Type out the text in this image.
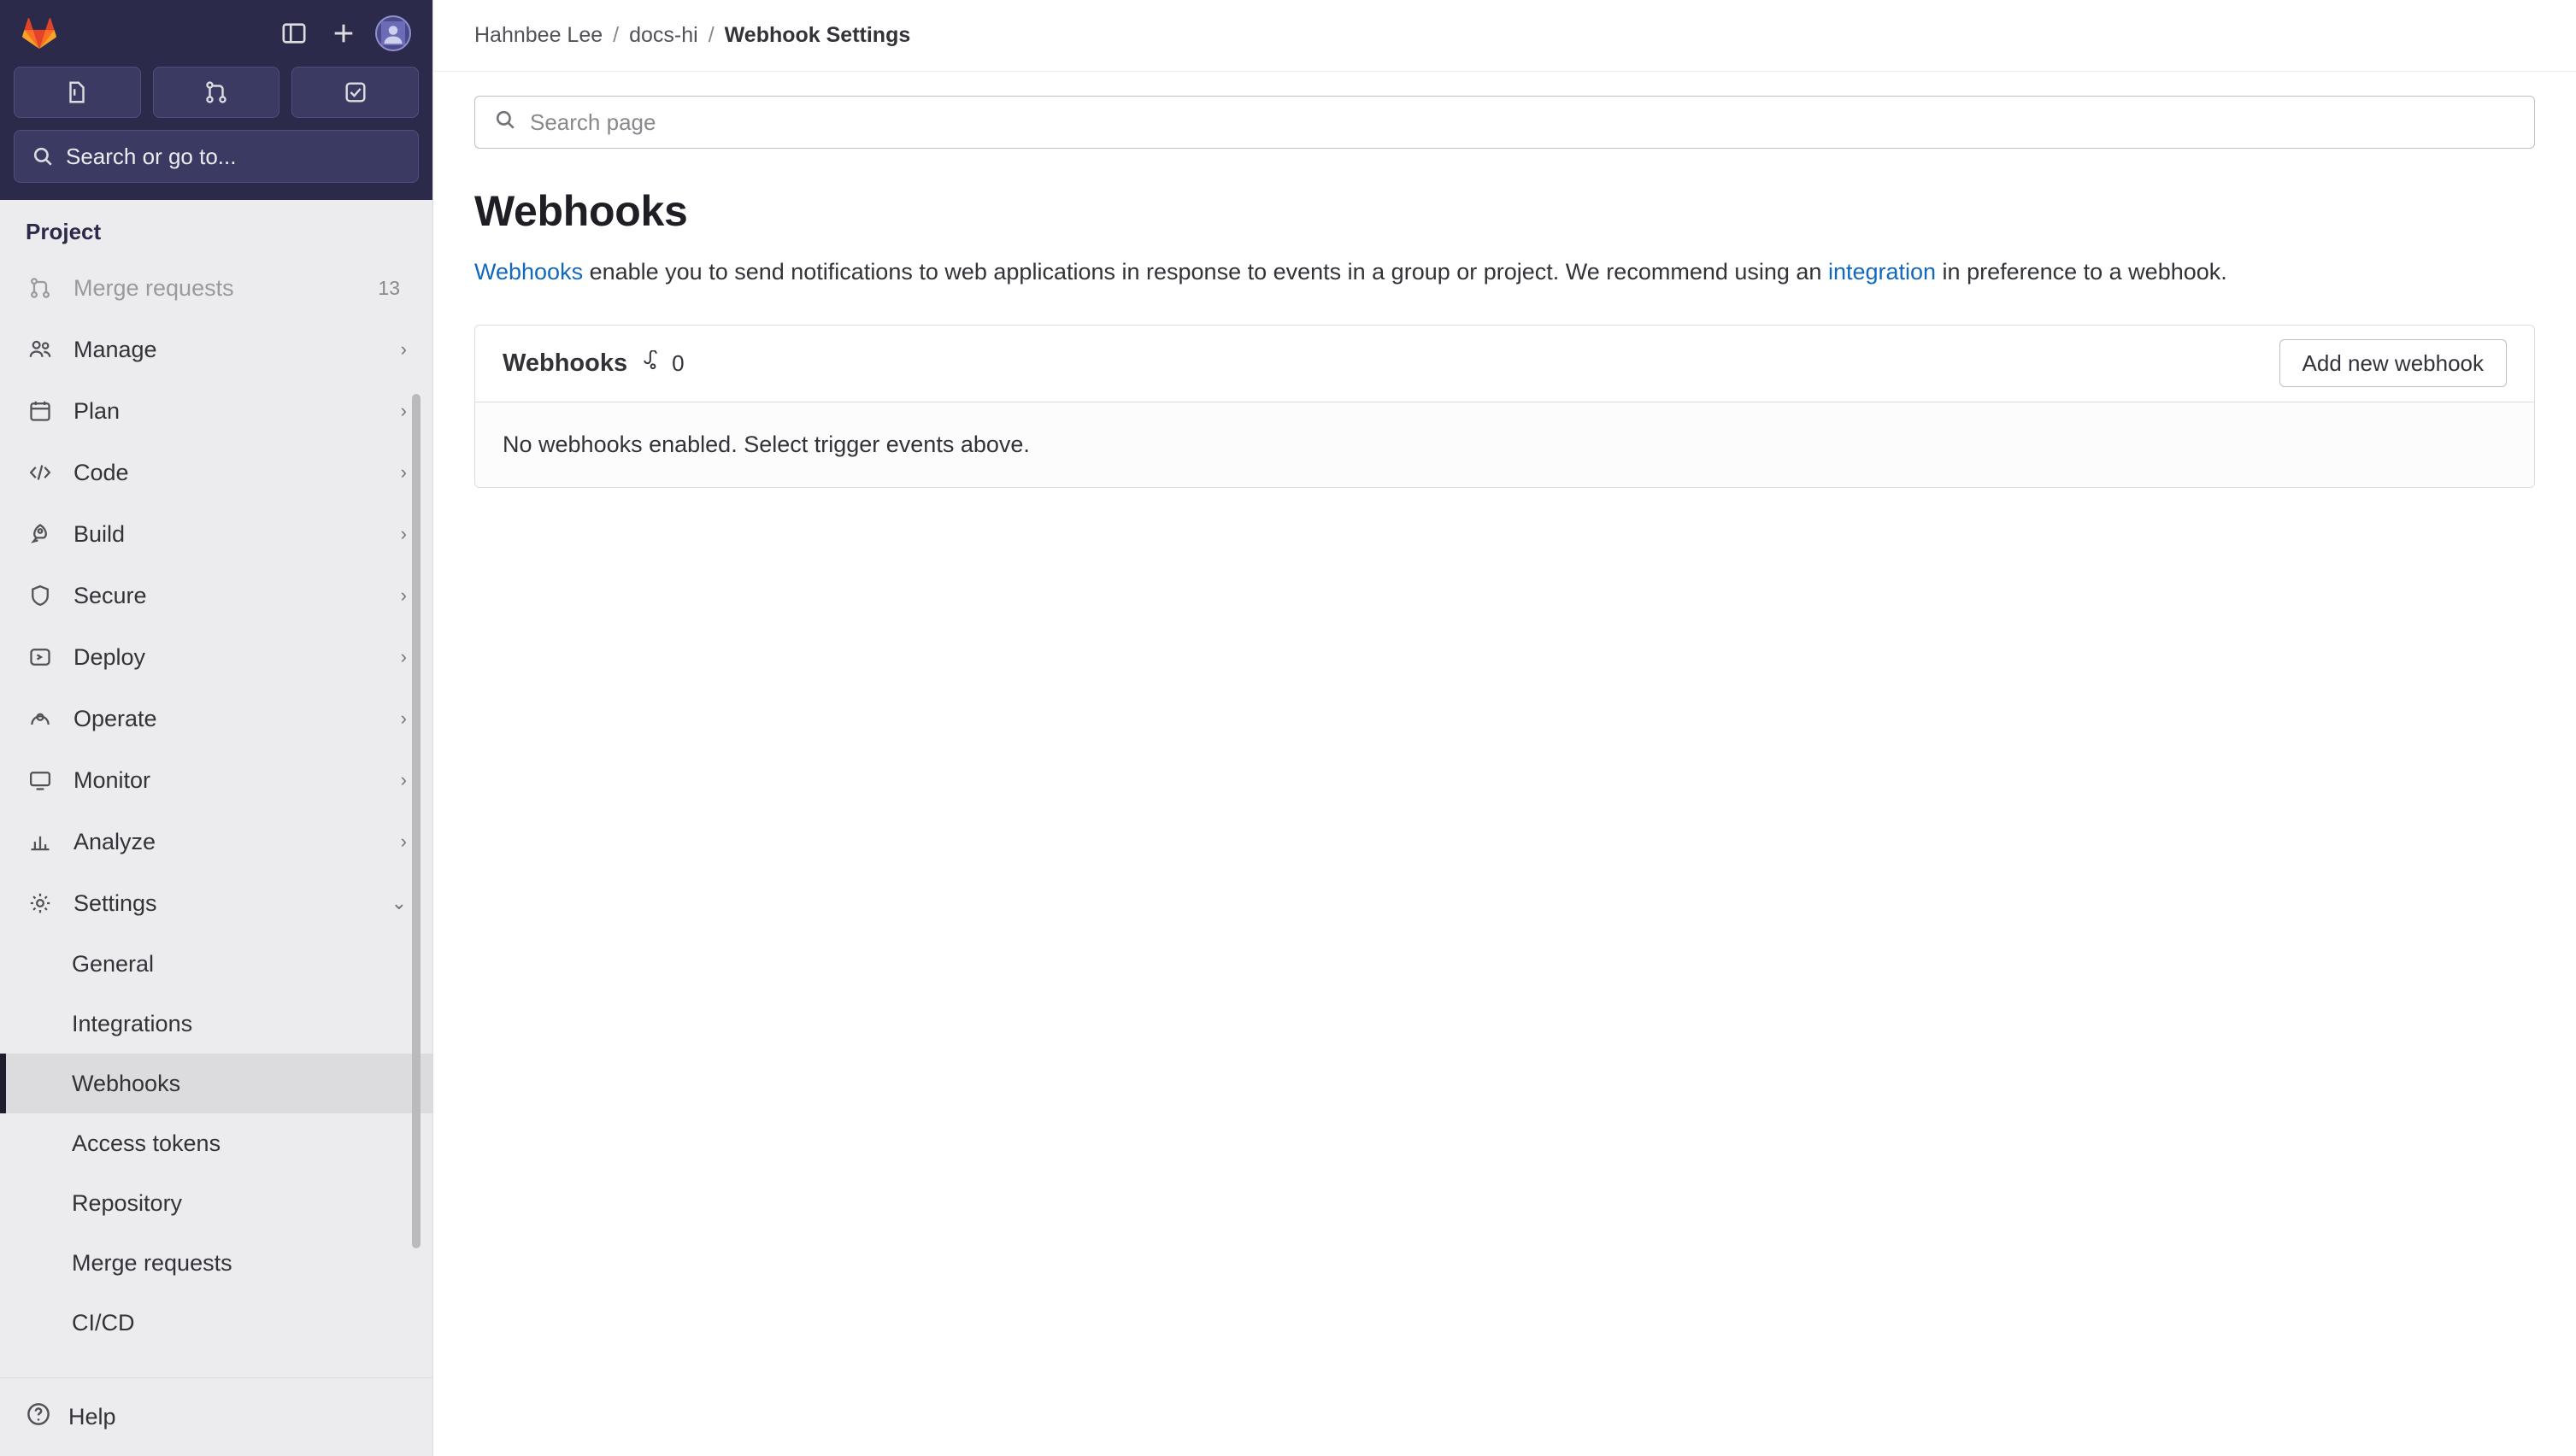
Search or go to...
Project
Merge requests	13
Manage	›
Plan	›
Code	›
Build	›
Secure	›
Deploy	›
Operate	›
Monitor	›
Analyze	›
Settings	⌄
General
Integrations
Webhooks
Access tokens
Repository
Merge requests
CI/CD
Help
Hahnbee Lee / docs-hi / Webhook Settings
Search page
Webhooks
Webhooks enable you to send notifications to web applications in response to events in a group or project. We recommend using an integration in preference to a webhook.
Webhooks 0	Add new webhook
No webhooks enabled. Select trigger events above.
